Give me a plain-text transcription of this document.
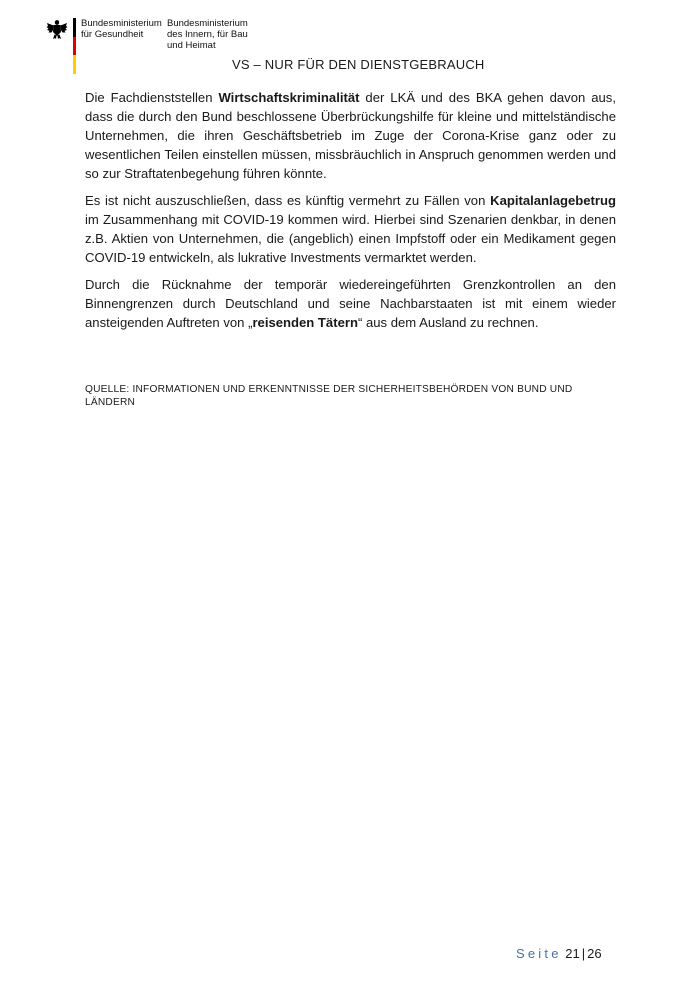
Bundesministerium
für Gesundheit
Bundesministerium
des Innern, für Bau
und Heimat
VS – NUR FÜR DEN DIENSTGEBRAUCH

Die Fachdienststellen Wirtschaftskriminalität der LKÄ und des BKA gehen davon aus, dass die durch den Bund beschlossene Überbrückungshilfe für kleine und mittelständische Unternehmen, die ihren Geschäftsbetrieb im Zuge der Corona-Krise ganz oder zu wesentlichen Teilen einstellen müssen, missbräuchlich in Anspruch genommen werden und so zur Straftatenbegehung führen könnte.

Es ist nicht auszuschließen, dass es künftig vermehrt zu Fällen von Kapitalanlagebetrug im Zusammenhang mit COVID-19 kommen wird. Hierbei sind Szenarien denkbar, in denen z.B. Aktien von Unternehmen, die (angeblich) einen Impfstoff oder ein Medikament gegen COVID-19 entwickeln, als lukrative Investments vermarktet werden.

Durch die Rücknahme der temporär wiedereingeführten Grenzkontrollen an den Binnengrenzen durch Deutschland und seine Nachbarstaaten ist mit einem wieder ansteigenden Auftreten von „reisenden Tätern“ aus dem Ausland zu rechnen.

QUELLE: INFORMATIONEN UND ERKENNTNISSE DER SICHERHEITSBEHÖRDEN VON BUND UND LÄNDERN
Seite 21 | 26
